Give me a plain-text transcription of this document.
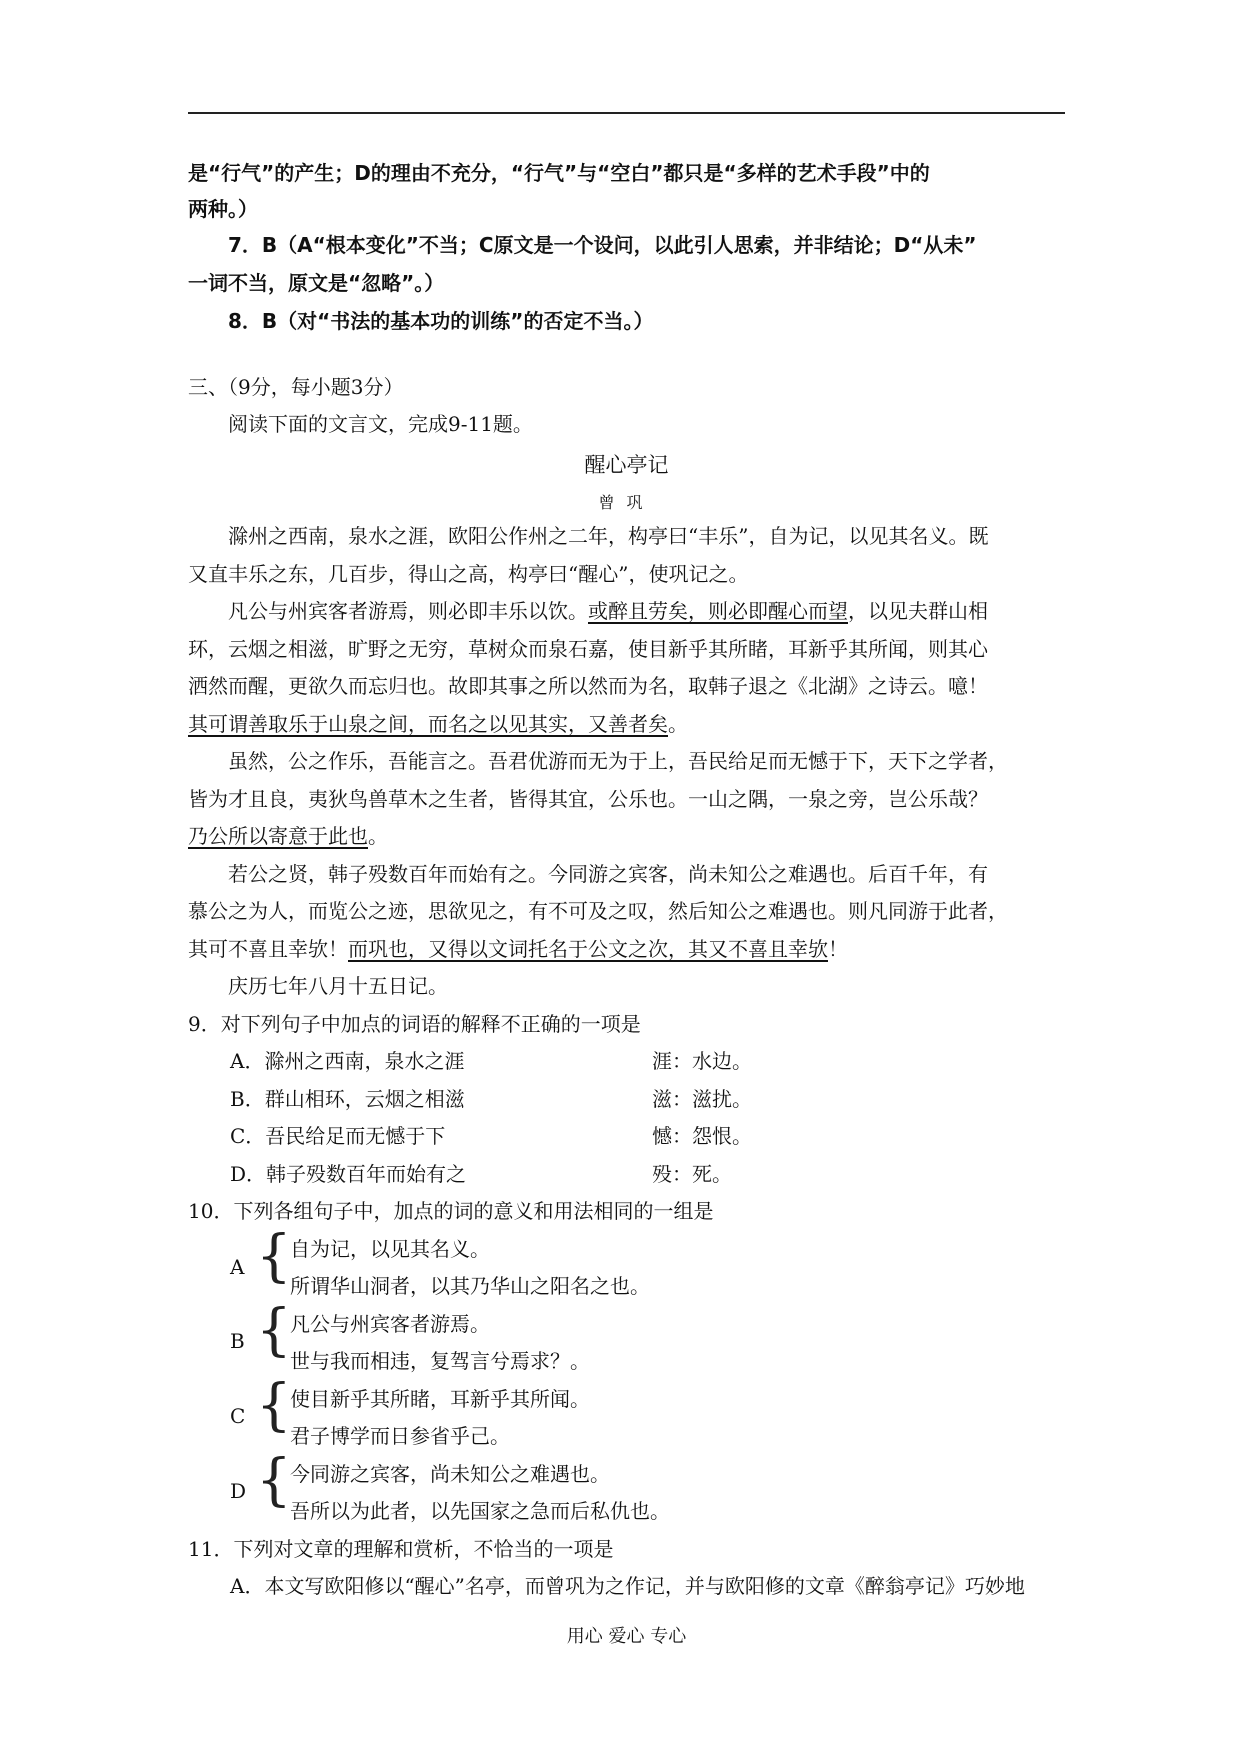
是“行气”的产生；D的理由不充分，“行气”与“空白”都只是“多样的艺术手段”中的
两种。）
7．B（A“根本变化”不当；C原文是一个设问，以此引人思索，并非结论；D“从未”
一词不当，原文是“忽略”。）
8．B（对“书法的基本功的训练”的否定不当。）
三、（9分，每小题3分）
阅读下面的文言文，完成9-11题。
醒心亭记
曾巩
滁州之西南，泉水之涯，欧阳公作州之二年，构亭曰“丰乐”，自为记，以见其名义。既
又直丰乐之东，几百步，得山之高，构亭曰“醒心”，使巩记之。
凡公与州宾客者游焉，则必即丰乐以饮。或醉且劳矣，则必即醒心而望，以见夫群山相
环，云烟之相滋，旷野之无穷，草树众而泉石嘉，使目新乎其所睹，耳新乎其所闻，则其心
洒然而醒，更欲久而忘归也。故即其事之所以然而为名，取韩子退之《北湖》之诗云。噫！
其可谓善取乐于山泉之间，而名之以见其实，又善者矣。
虽然，公之作乐，吾能言之。吾君优游而无为于上，吾民给足而无憾于下，天下之学者，
皆为才且良，夷狄鸟兽草木之生者，皆得其宜，公乐也。一山之隅，一泉之旁，岂公乐哉？
乃公所以寄意于此也。
若公之贤，韩子殁数百年而始有之。今同游之宾客，尚未知公之难遇也。后百千年，有
慕公之为人，而览公之迹，思欲见之，有不可及之叹，然后知公之难遇也。则凡同游于此者，
其可不喜且幸欤！而巩也，又得以文词托名于公文之次，其又不喜且幸欤！
庆历七年八月十五日记。
9．对下列句子中加点的词语的解释不正确的一项是
A．滁州之西南，泉水之涯	涯：水边。
B．群山相环，云烟之相滋	滋：滋扰。
C．吾民给足而无憾于下	憾：怨恨。
D．韩子殁数百年而始有之	殁：死。
10．下列各组句子中，加点的词的意义和用法相同的一组是
A {
自为记，以见其名义。
所谓华山洞者，以其乃华山之阳名之也。
B {
凡公与州宾客者游焉。
世与我而相违，复驾言兮焉求？。
C {
使目新乎其所睹，耳新乎其所闻。
君子博学而日参省乎己。
D {
今同游之宾客，尚未知公之难遇也。
吾所以为此者，以先国家之急而后私仇也。
11．下列对文章的理解和赏析，不恰当的一项是
A．本文写欧阳修以“醒心”名亭，而曾巩为之作记，并与欧阳修的文章《醉翁亭记》巧妙地
用心 爱心 专心
